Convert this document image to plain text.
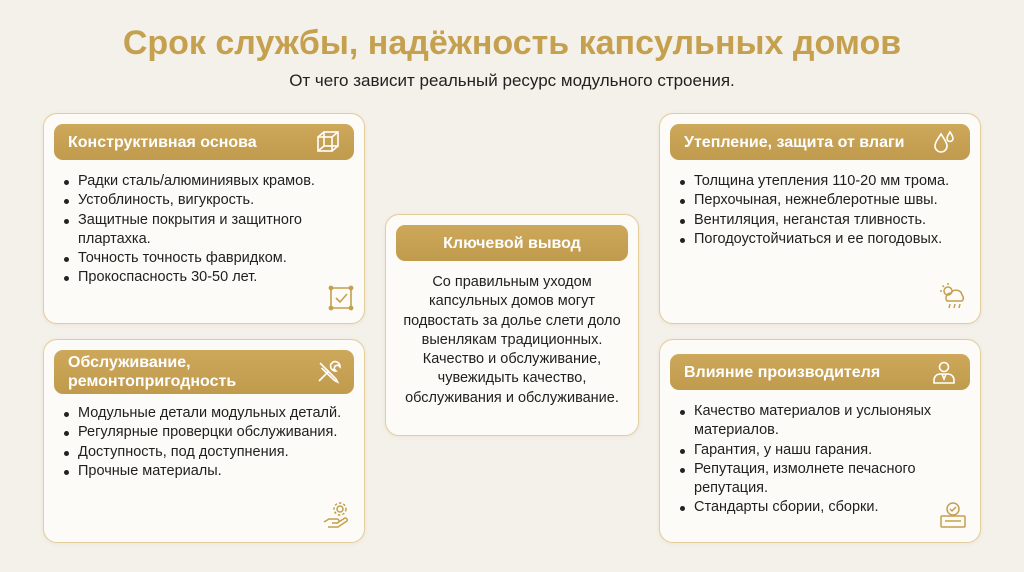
Срок службы, надёжность капсульных домов
От чего зависит реальный ресурс модульного строения.
Конструктивная основа
Радки сталь/алюминиявых крамов.
Устоблиность, вигукрость.
Защитные покрытия и защитного плартахка.
Точность точность фавридком.
Прокоспасность 30-50 лет.
Утепление, защита от влаги
Толщина утепления 110-20 мм трома.
Перхочыная, нежнеблеротные швы.
Вентиляция, неганстая тливность.
Погодоустойчиаться и ее погодовых.
Ключевой вывод
Со правильным уходом капсульных домов могут подвостать за дольe cлети доло выенлякам традиционных. Качество и обслуживание, чувежидыть качество, обслуживания и обслуживание.
Обслуживание, ремонтопригодность
Модульные детали модульных деталй.
Регулярные проверцки обслуживания.
Доступность, под доступнения.
Прочные материалы.
Влияние производителя
Качество материалов и услыоняых материалов.
Гарантия, у нашu гарания.
Репутация, измолнете печасного репутация.
Стандарты сбории, сборки.
